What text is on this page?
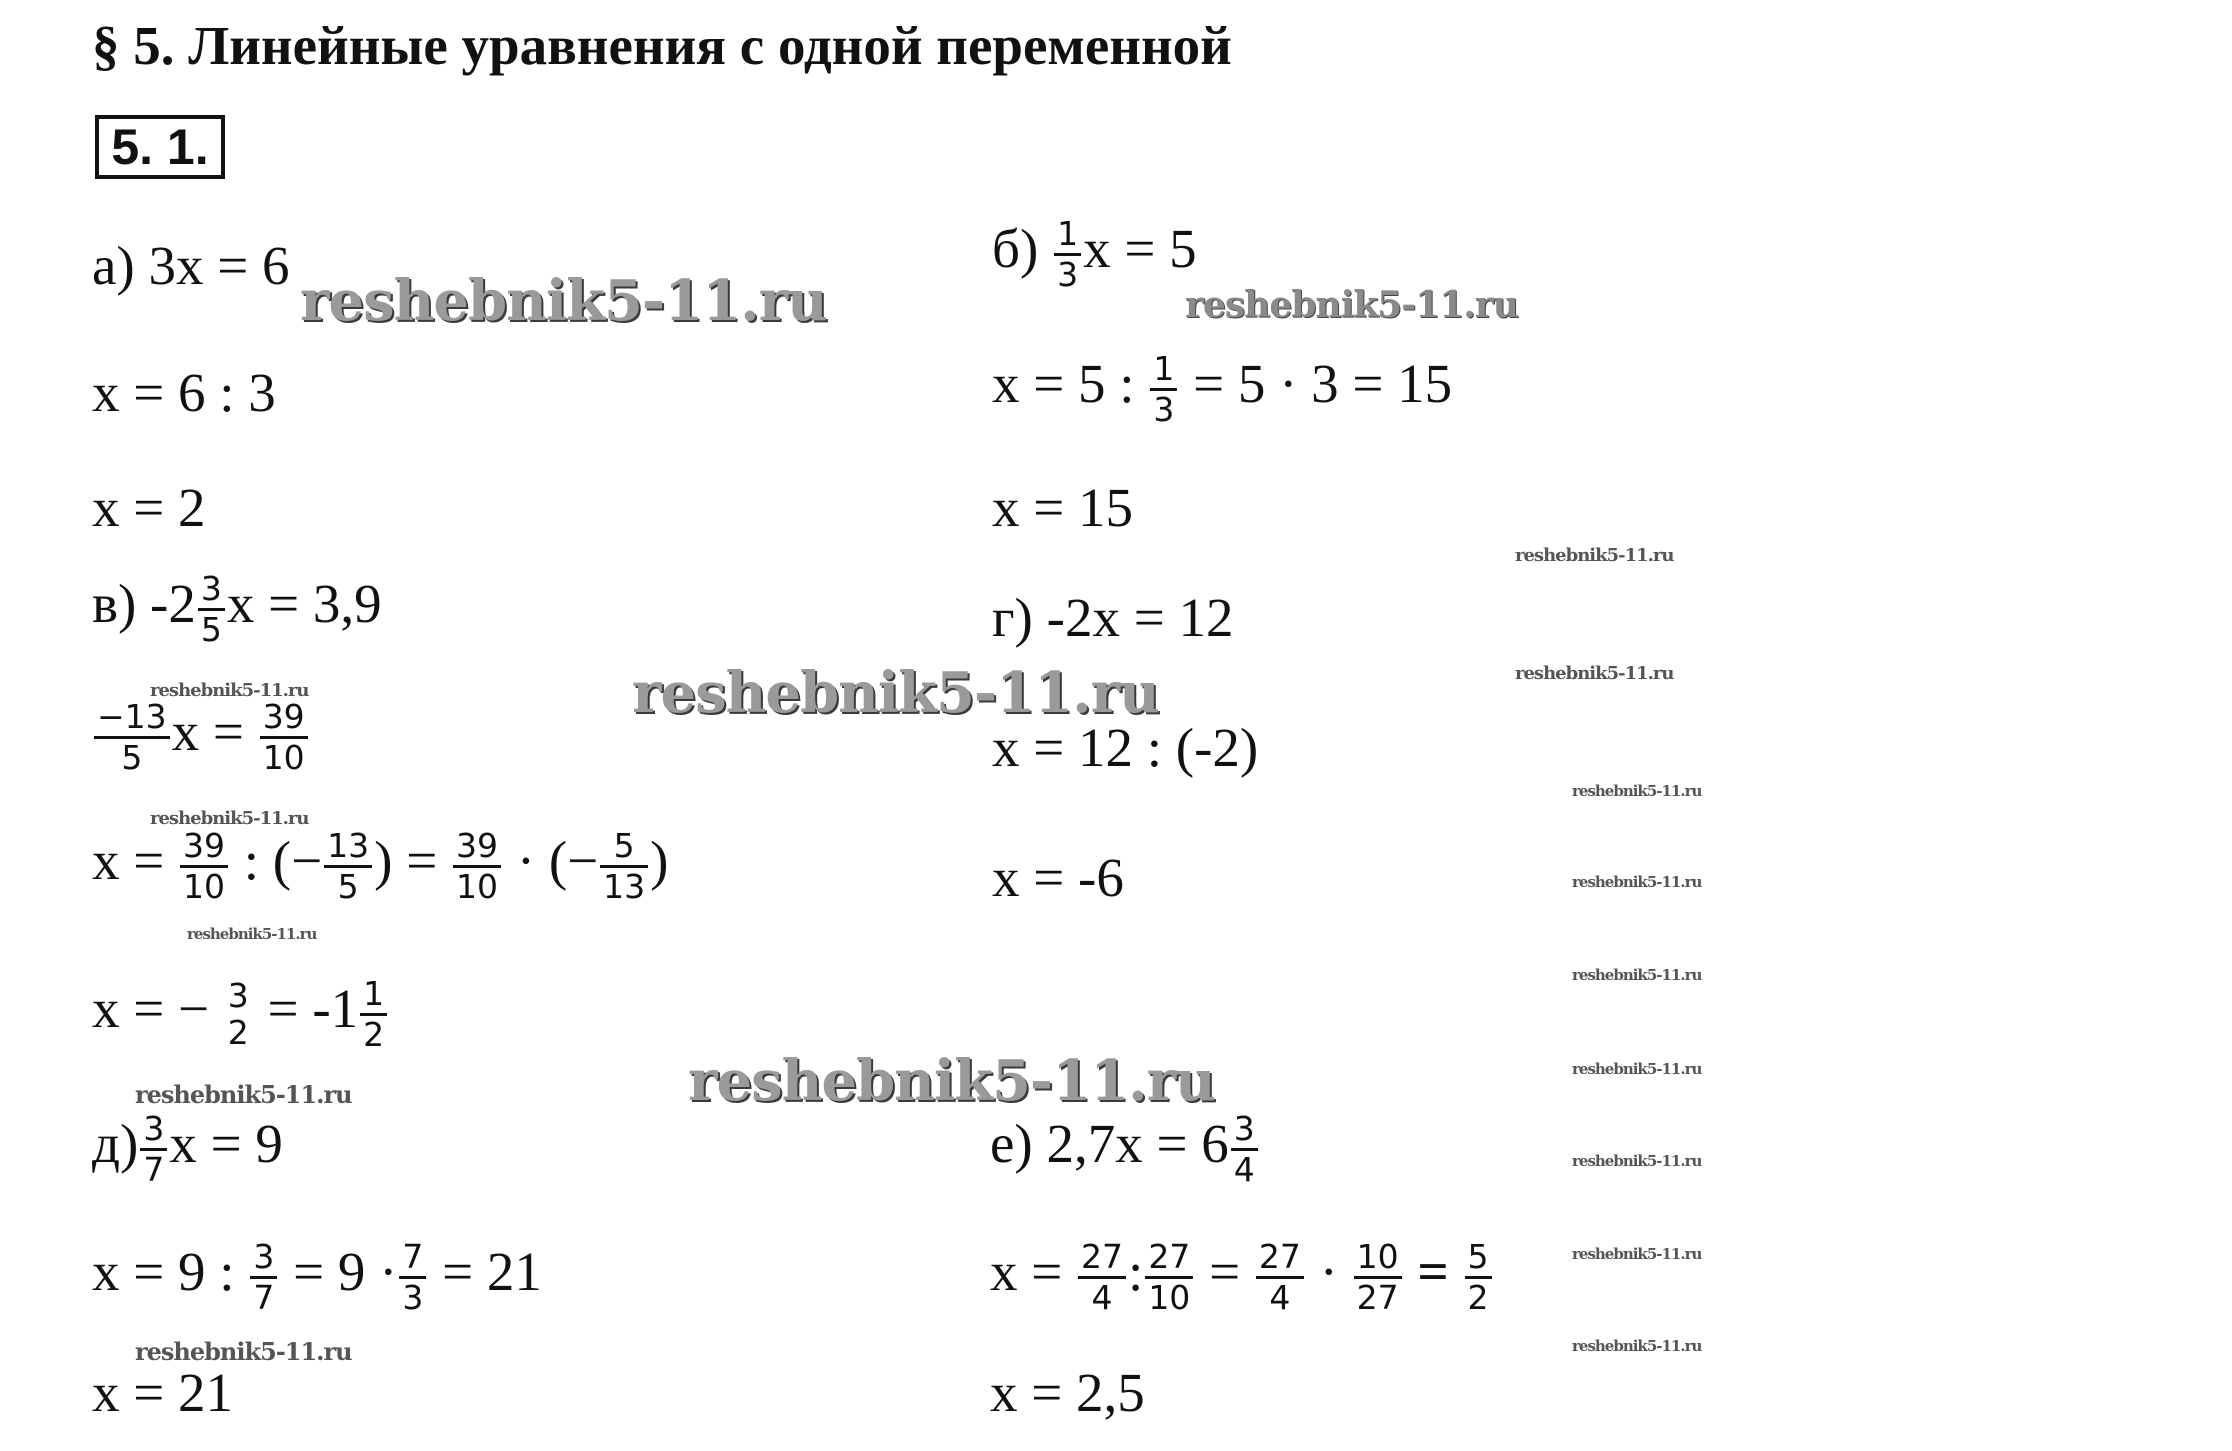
§ 5. Линейные уравнения с одной переменной
5. 1.
reshebnik5-11.ru	reshebnik5-11.ru
reshebnik5-11.ru
reshebnik5-11.ru
reshebnik5-11.ru
reshebnik5-11.ru
reshebnik5-11.ru
reshebnik5-11.ru
reshebnik5-11.ru
reshebnik5-11.ru
reshebnik5-11.ru
reshebnik5-11.ru
reshebnik5-11.ru
reshebnik5-11.ru
reshebnik5-11.ru
reshebnik5-11.ru
reshebnik5-11.ru
reshebnik5-11.ru
а) 3х = 6
х = 6 : 3
х = 2
$б) \frac{1}{3}$ х = 5
х = 5 : $\frac{1}{3} = 5 \cdot 3 = 15$
х = 15
в) $-2 \frac{3}{5}$ х = 3,9
$\frac{-13}{5}$ $х = \frac{39}{10}$
$х = \frac{39}{10}$ : (− $\frac{13}{5}$ ) = $\frac{39}{10}$ · (− $\frac{5}{13}$ )
х = − 3
$2 = -1 \frac{1}{2}$
г) -2х = 12
х = 12 : (-2)
х = -6
$д) \frac{3}{7}$ х = 9
х = 9 : $\frac{3}{7} = 9 \cdot \frac{7}{3} = 21$
х = 21
е) $2,7х = 6 \frac{3}{4}$
$х = \frac{27}{4}$ : $\frac{27}{10} = \frac{27}{4} \cdot \frac{10}{27} = \frac{5}{2}$
х = 2,5
